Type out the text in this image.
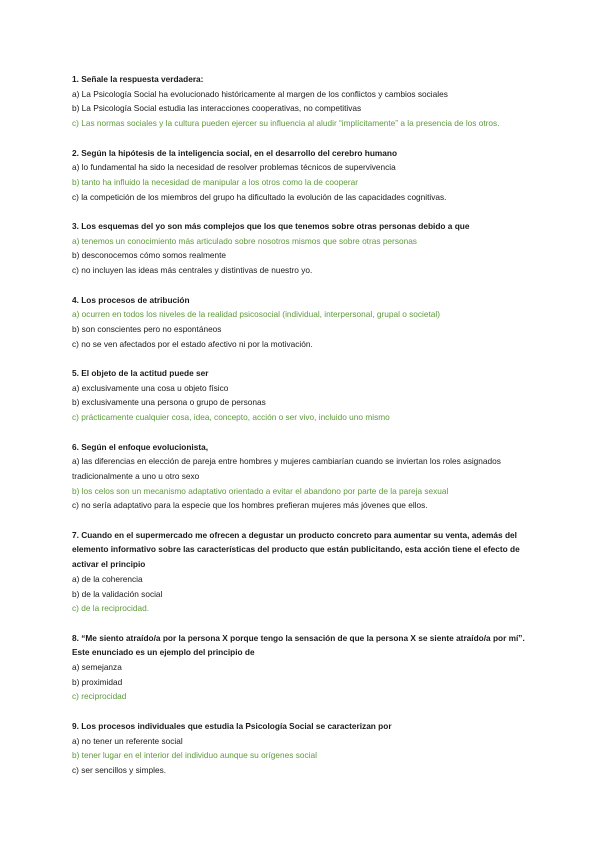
1. Señale la respuesta verdadera:
a) La Psicología Social ha evolucionado históricamente al margen de los conflictos y cambios sociales
b) La Psicología Social estudia las interacciones cooperativas, no competitivas
c) Las normas sociales y la cultura pueden ejercer su influencia al aludir “implícitamente” a la presencia de los otros.
2. Según la hipótesis de la inteligencia social, en el desarrollo del cerebro humano
a) lo fundamental ha sido la necesidad de resolver problemas técnicos de supervivencia
b) tanto ha influido la necesidad de manipular a los otros como la de cooperar
c) la competición de los miembros del grupo ha dificultado la evolución de las capacidades cognitivas.
3. Los esquemas del yo son más complejos que los que tenemos sobre otras personas debido a que
a) tenemos un conocimiento más articulado sobre nosotros mismos que sobre otras personas
b) desconocemos cómo somos realmente
c) no incluyen las ideas más centrales y distintivas de nuestro yo.
4. Los procesos de atribución
a) ocurren en todos los niveles de la realidad psicosocial (individual, interpersonal, grupal o societal)
b) son conscientes pero no espontáneos
c) no se ven afectados por el estado afectivo ni por la motivación.
5. El objeto de la actitud puede ser
a) exclusivamente una cosa u objeto físico
b) exclusivamente una persona o grupo de personas
c) prácticamente cualquier cosa, idea, concepto, acción o ser vivo, incluido uno mismo
6. Según el enfoque evolucionista,
a) las diferencias en elección de pareja entre hombres y mujeres cambiarían cuando se inviertan los roles asignados tradicionalmente a uno u otro sexo
b) los celos son un mecanismo adaptativo orientado a evitar el abandono por parte de la pareja sexual
c) no sería adaptativo para la especie que los hombres prefieran mujeres más jóvenes que ellos.
7. Cuando en el supermercado me ofrecen a degustar un producto concreto para aumentar su venta, además del elemento informativo sobre las características del producto que están publicitando, esta acción tiene el efecto de activar el principio
a) de la coherencia
b) de la validación social
c) de la reciprocidad.
8. “Me siento atraído/a por la persona X porque tengo la sensación de que la persona X se siente atraído/a por mí”. Este enunciado es un ejemplo del principio de
a) semejanza
b) proximidad
c) reciprocidad
9. Los procesos individuales que estudia la Psicología Social se caracterizan por
a) no tener un referente social
b) tener lugar en el interior del individuo aunque su orígenes social
c) ser sencillos y simples.
